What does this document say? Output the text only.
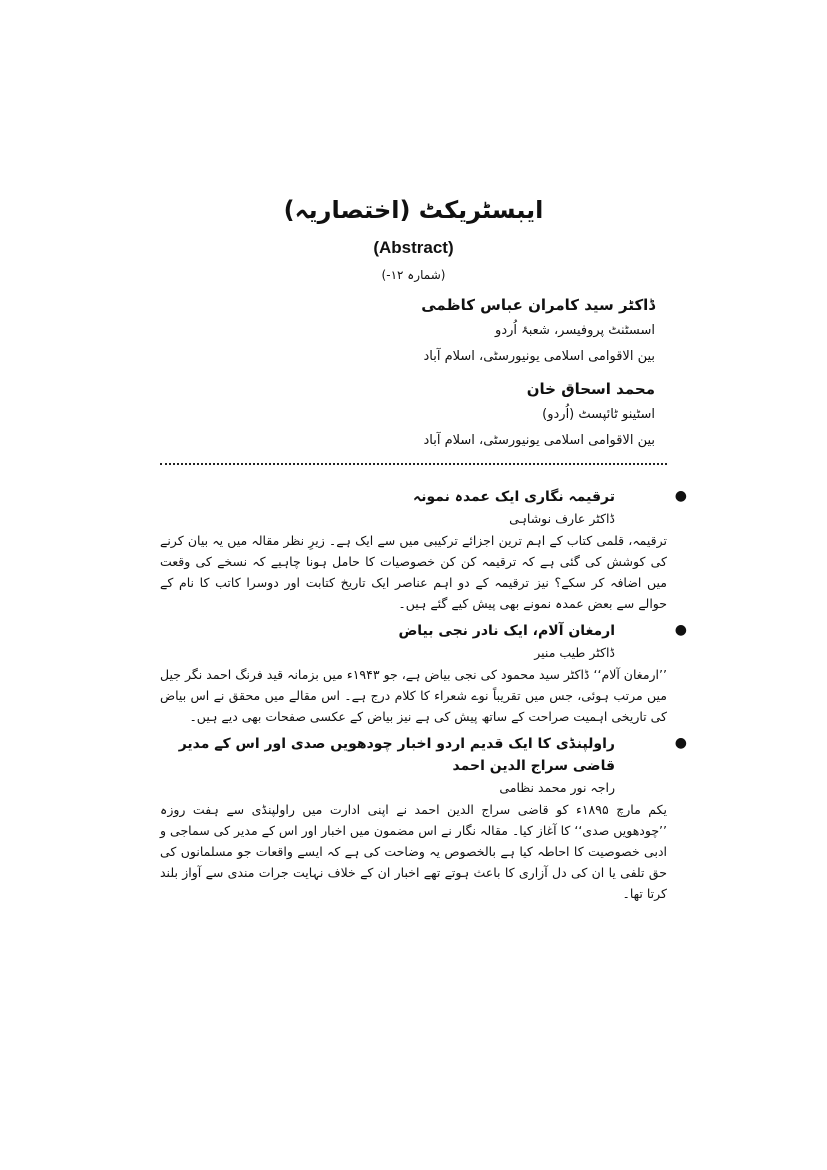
ایبسٹریکٹ (اختصاریہ)
(Abstract)
(شمارہ ۱۲-)
ڈاکٹر سید کامران عباس کاظمی
اسسٹنٹ پروفیسر، شعبۂ اُردو
بین الاقوامی اسلامی یونیورسٹی، اسلام آباد
محمد اسحاق خان
اسٹینو ٹائپسٹ (اُردو)
بین الاقوامی اسلامی یونیورسٹی، اسلام آباد
●
ترقیمہ نگاری ایک عمدہ نمونہ
ڈاکٹر عارف نوشاہی
ترقیمہ، قلمی کتاب کے اہم ترین اجزائے ترکیبی میں سے ایک ہے۔ زیرِ نظر مقالہ میں یہ بیان کرنے کی کوشش کی گئی ہے کہ ترقیمہ کن کن خصوصیات کا حامل ہونا چاہیے کہ نسخے کی وقعت میں اضافہ کر سکے؟ نیز ترقیمہ کے دو اہم عناصر ایک تاریخ کتابت اور دوسرا کاتب کا نام کے حوالے سے بعض عمدہ نمونے بھی پیش کیے گئے ہیں۔
●
ارمغان آلام، ایک نادر نجی بیاض
ڈاکٹر طیب منیر
’’ارمغان آلام‘‘ ڈاکٹر سید محمود کی نجی بیاض ہے، جو ۱۹۴۳ء میں بزمانہ قید فرنگ احمد نگر جیل میں مرتب ہوئی، جس میں تقریباً نوے شعراء کا کلام درج ہے۔ اس مقالے میں محقق نے اس بیاض کی تاریخی اہمیت صراحت کے ساتھ پیش کی ہے نیز بیاض کے عکسی صفحات بھی دیے ہیں۔
●
راولپنڈی کا ایک قدیم اردو اخبار چودھویں صدی اور اس کے مدیر قاضی سراج الدین احمد
راجہ نور محمد نظامی
یکم مارچ ۱۸۹۵ء کو قاضی سراج الدین احمد نے اپنی ادارت میں راولپنڈی سے ہفت روزہ ’’چودھویں صدی‘‘ کا آغاز کیا۔ مقالہ نگار نے اس مضمون میں اخبار اور اس کے مدیر کی سماجی و ادبی خصوصیت کا احاطہ کیا ہے بالخصوص یہ وضاحت کی ہے کہ ایسے واقعات جو مسلمانوں کی حق تلفی یا ان کی دل آزاری کا باعث ہوتے تھے اخبار ان کے خلاف نہایت جرات مندی سے آواز بلند کرتا تھا۔
